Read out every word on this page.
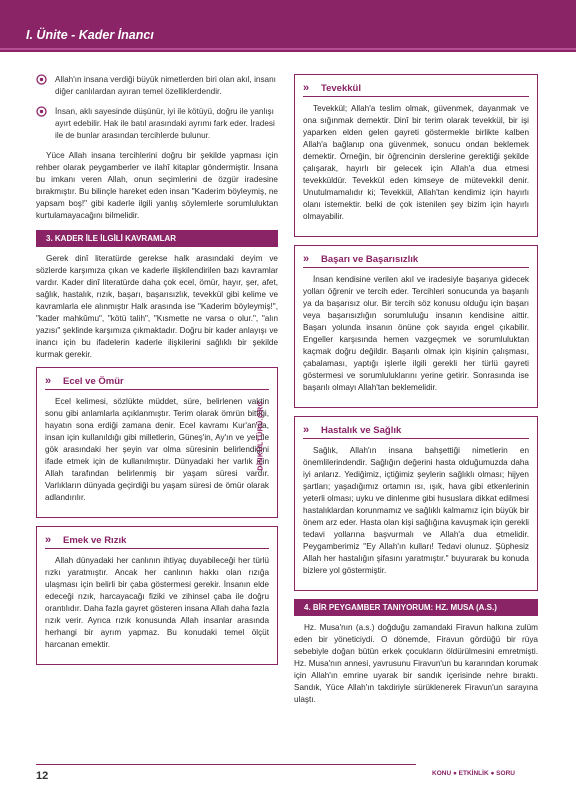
I. Ünite - Kader İnancı
Allah'ın insana verdiği büyük nimetlerden biri olan akıl, insanı diğer canlılardan ayıran temel özelliklerdendir.
İnsan, aklı sayesinde düşünür, iyi ile kötüyü, doğru ile yanlışı ayırt edebilir. Hak ile batıl arasındaki ayrımı fark eder. İradesi ile de bunlar arasından tercihlerde bulunur.

Yüce Allah insana tercihlerini doğru bir şekilde yapması için rehber olarak peygamberler ve ilahî kitaplar göndermiştir. İnsana bu imkanı veren Allah, onun seçimlerini de özgür iradesine bırakmıştır. Bu bilinçle hareket eden insan "Kaderim böyleymiş, ne yapsam boş!" gibi kaderle ilgili yanlış söylemlerle sorumluluktan kurtulamayacağını bilmelidir.

3. KADER İLE İLGİLİ KAVRAMLAR

Gerek dinî literatürde gerekse halk arasındaki deyim ve sözlerde karşımıza çıkan ve kaderle ilişkilendirilen bazı kavramlar vardır. Kader dinî literatürde daha çok ecel, ömür, hayır, şer, afet, sağlık, hastalık, rızık, başarı, başarısızlık, tevekkül gibi kelime ve kavramlarla ele alınmıştır Halk arasında ise "Kaderim böyleymiş!", "kader mahkûmu", "kötü talih", "Kısmette ne varsa o olur.", "alın yazısı" şeklinde karşımıza çıkmaktadır. Doğru bir kader anlayışı ve inancı için bu ifadelerin kaderle ilişkilerini sağlıklı bir şekilde kurmak gerekir.

»	Ecel ve Ömür

Ecel kelimesi, sözlükte müddet, süre, belirlenen vaktin sonu gibi anlamlarla açıklanmıştır. Terim olarak ömrün bittiği, hayatın sona erdiği zamana denir. Ecel kavramı Kur'an'da, insan için kullanıldığı gibi milletlerin, Güneş'in, Ay'ın ve yer ile gök arasındaki her şeyin var olma süresinin belirlendiğini ifade etmek için de kullanılmıştır. Dünyadaki her varlık için Allah tarafından belirlenmiş bir yaşam süresi vardır. Varlıkların dünyada geçirdiği bu yaşam süresi de ömür olarak adlandırılır.

»	Emek ve Rızık

Allah dünyadaki her canlının ihtiyaç duyabileceği her türlü rızkı yaratmıştır. Ancak her canlının hakkı olan rızığa ulaşması için belirli bir çaba göstermesi gerekir. İnsanın elde edeceği rızık, harcayacağı fiziki ve zihinsel çaba ile doğru orantılıdır. Daha fazla gayret gösteren insana Allah daha fazla rızık verir. Ayrıca rızık konusunda Allah insanlar arasında herhangi bir ayrım yapmaz. Bu konudaki temel ölçüt harcanan emektir.

DİNKÜLTÜRÜ.ORG
»	Tevekkül

Tevekkül; Allah'a teslim olmak, güvenmek, dayanmak ve ona sığınmak demektir. Dinî bir terim olarak tevekkül, bir işi yaparken elden gelen gayreti göstermekle birlikte kalben Allah'a bağlanıp ona güvenmek, sonucu ondan beklemek demektir. Örneğin, bir öğrencinin derslerine gerektiği şekilde çalışarak, hayırlı bir gelecek için Allah'a dua etmesi tevekküldür. Tevekkül eden kimseye de mütevekkil denir. Unutulmamalıdır ki; Tevekkül, Allah'tan kendimiz için hayırlı olanı istemektir. belki de çok istenilen şey bizim için hayırlı olmayabilir.

»	Başarı ve Başarısızlık

İnsan kendisine verilen akıl ve iradesiyle başarıya gidecek yolları öğrenir ve tercih eder. Tercihleri sonucunda ya başarılı ya da başarısız olur. Bir tercih söz konusu olduğu için başarı veya başarısızlığın sorumluluğu insanın kendisine aittir. Başarı yolunda insanın önüne çok sayıda engel çıkabilir. Engeller karşısında hemen vazgeçmek ve sorumluluktan kaçmak doğru değildir. Başarılı olmak için kişinin çalışması, çabalaması, yaptığı işlerle ilgili gerekli her türlü gayreti göstermesi ve sorumluluklarını yerine getirir. Sonrasında ise başarılı olmayı Allah'tan beklemelidir.

»	Hastalık ve Sağlık

Sağlık, Allah'ın insana bahşettiği nimetlerin en önemlilerindendir. Sağlığın değerini hasta olduğumuzda daha iyi anlarız. Yediğimiz, içtiğimiz şeylerin sağlıklı olması; hijyen şartları; yaşadığımız ortamın ısı, ışık, hava gibi etkenlerinin yeterli olması; uyku ve dinlenme gibi hususlara dikkat edilmesi hastalıklardan korunmamız ve sağlıklı kalmamız için büyük bir önem arz eder. Hasta olan kişi sağlığına kavuşmak için gerekli tedavi yollarına başvurmalı ve Allah'a dua etmelidir. Peygamberimiz "Ey Allah'ın kulları! Tedavi olunuz. Şüphesiz Allah her hastalığın şifasını yaratmıştır." buyurarak bu konuda bizlere yol göstermiştir.

4. BİR PEYGAMBER TANIYORUM: HZ. MUSA (A.S.)

Hz. Musa'nın (a.s.) doğduğu zamandaki Firavun halkına zulüm eden bir yöneticiydi. O dönemde, Firavun gördüğü bir rüya sebebiyle doğan bütün erkek çocukların öldürülmesini emretmişti. Hz. Musa'nın annesi, yavrusunu Firavun'un bu kararından korumak için Allah'ın emrine uyarak bir sandık içerisinde nehre bıraktı. Sandık, Yüce Allah'ın takdiriyle sürüklenerek Firavun'un sarayına ulaştı.

12	KONU ● ETKİNLİK ● SORU
